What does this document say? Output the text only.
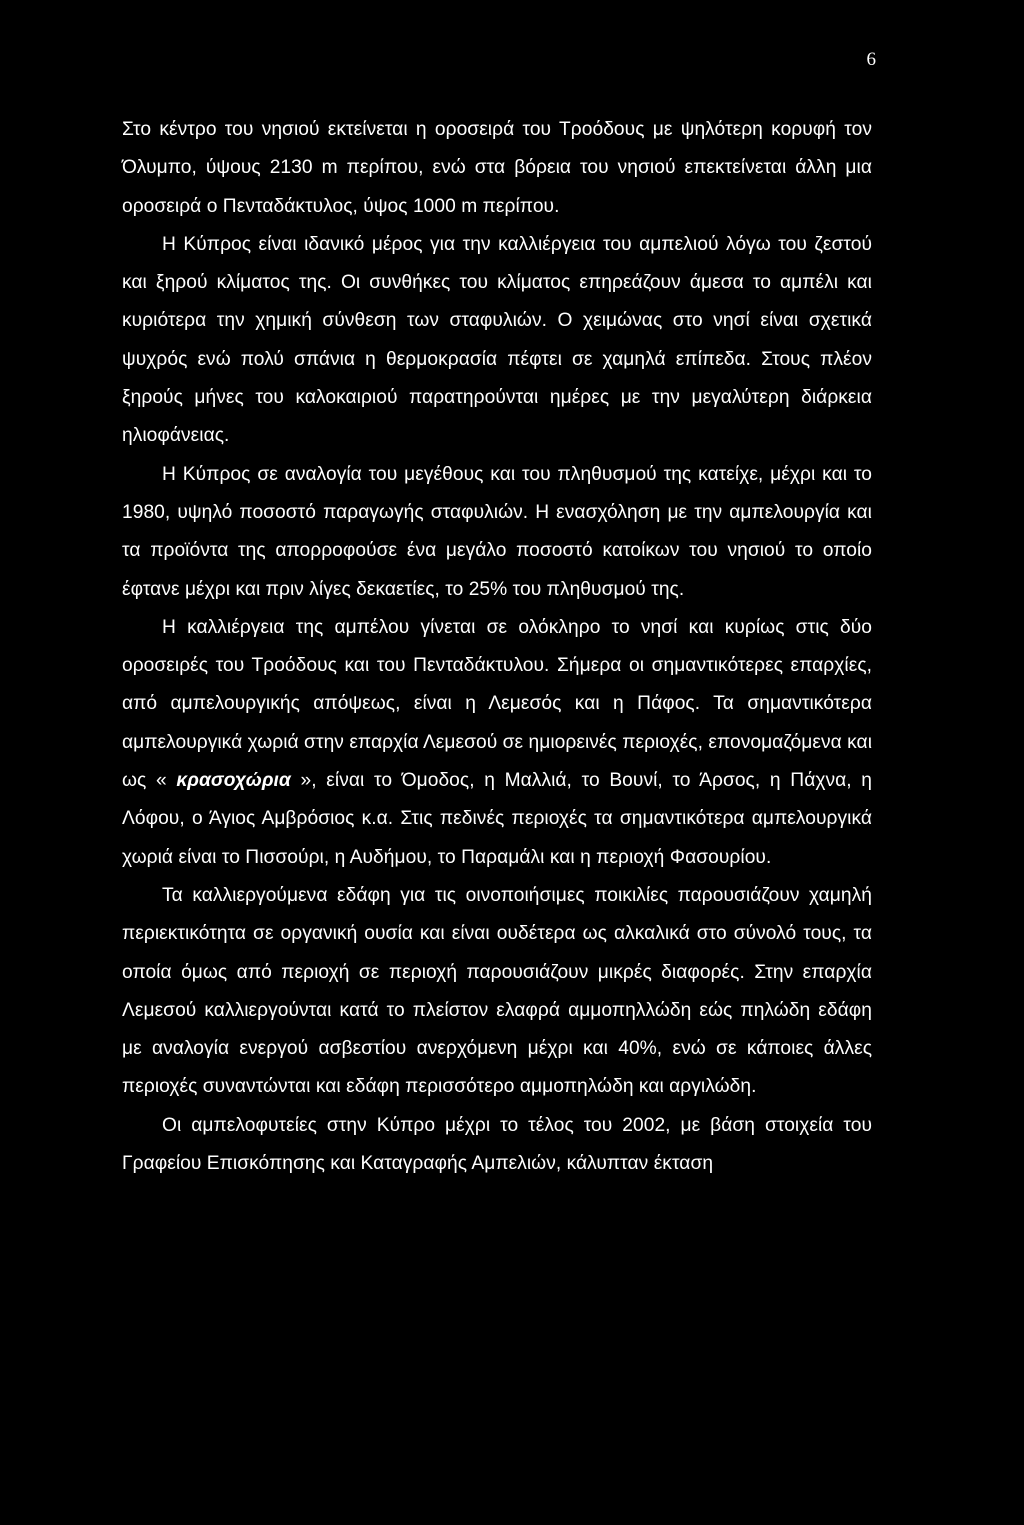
6

Στο κέντρο του νησιού εκτείνεται η οροσειρά του Τροόδους με ψηλότερη κορυφή τον Όλυμπο, ύψους 2130 m περίπου, ενώ στα βόρεια του νησιού επεκτείνεται άλλη μια οροσειρά ο Πενταδάκτυλος, ύψος 1000 m περίπου.

Η Κύπρος είναι ιδανικό μέρος για την καλλιέργεια του αμπελιού λόγω του ζεστού και ξηρού κλίματος της. Οι συνθήκες του κλίματος επηρεάζουν άμεσα το αμπέλι και κυριότερα την χημική σύνθεση των σταφυλιών. Ο χειμώνας στο νησί είναι σχετικά ψυχρός ενώ πολύ σπάνια η θερμοκρασία πέφτει σε χαμηλά επίπεδα. Στους πλέον ξηρούς μήνες του καλοκαιριού παρατηρούνται ημέρες με την μεγαλύτερη διάρκεια ηλιοφάνειας.

Η Κύπρος σε αναλογία του μεγέθους και του πληθυσμού της κατείχε, μέχρι και το 1980, υψηλό ποσοστό παραγωγής σταφυλιών. Η ενασχόληση με την αμπελουργία και τα προϊόντα της απορροφούσε ένα μεγάλο ποσοστό κατοίκων του νησιού το οποίο έφτανε μέχρι και πριν λίγες δεκαετίες, το 25% του πληθυσμού της.

Η καλλιέργεια της αμπέλου γίνεται σε ολόκληρο το νησί και κυρίως στις δύο οροσειρές του Τροόδους και του Πενταδάκτυλου. Σήμερα οι σημαντικότερες επαρχίες, από αμπελουργικής απόψεως, είναι η Λεμεσός και η Πάφος. Τα σημαντικότερα αμπελουργικά χωριά στην επαρχία Λεμεσού σε ημιορεινές περιοχές, επονομαζόμενα και ως « κρασοχώρια », είναι το Όμοδος, η Μαλλιά, το Βουνί, το Άρσος, η Πάχνα, η Λόφου, ο Άγιος Αμβρόσιος κ.α. Στις πεδινές περιοχές τα σημαντικότερα αμπελουργικά χωριά είναι το Πισσούρι, η Αυδήμου, το Παραμάλι και η περιοχή Φασουρίου.

Τα καλλιεργούμενα εδάφη για τις οινοποιήσιμες ποικιλίες παρουσιάζουν χαμηλή περιεκτικότητα σε οργανική ουσία και είναι ουδέτερα ως αλκαλικά στο σύνολό τους, τα οποία όμως από περιοχή σε περιοχή παρουσιάζουν μικρές διαφορές. Στην επαρχία Λεμεσού καλλιεργούνται κατά το πλείστον ελαφρά αμμοπηλλώδη εώς πηλώδη εδάφη με αναλογία ενεργού ασβεστίου ανερχόμενη μέχρι και 40%, ενώ σε κάποιες άλλες περιοχές συναντώνται και εδάφη περισσότερο αμμοπηλώδη και αργιλώδη.

Οι αμπελοφυτείες στην Κύπρο μέχρι το τέλος του 2002, με βάση στοιχεία του Γραφείου Επισκόπησης και Καταγραφής Αμπελιών, κάλυπταν έκταση
